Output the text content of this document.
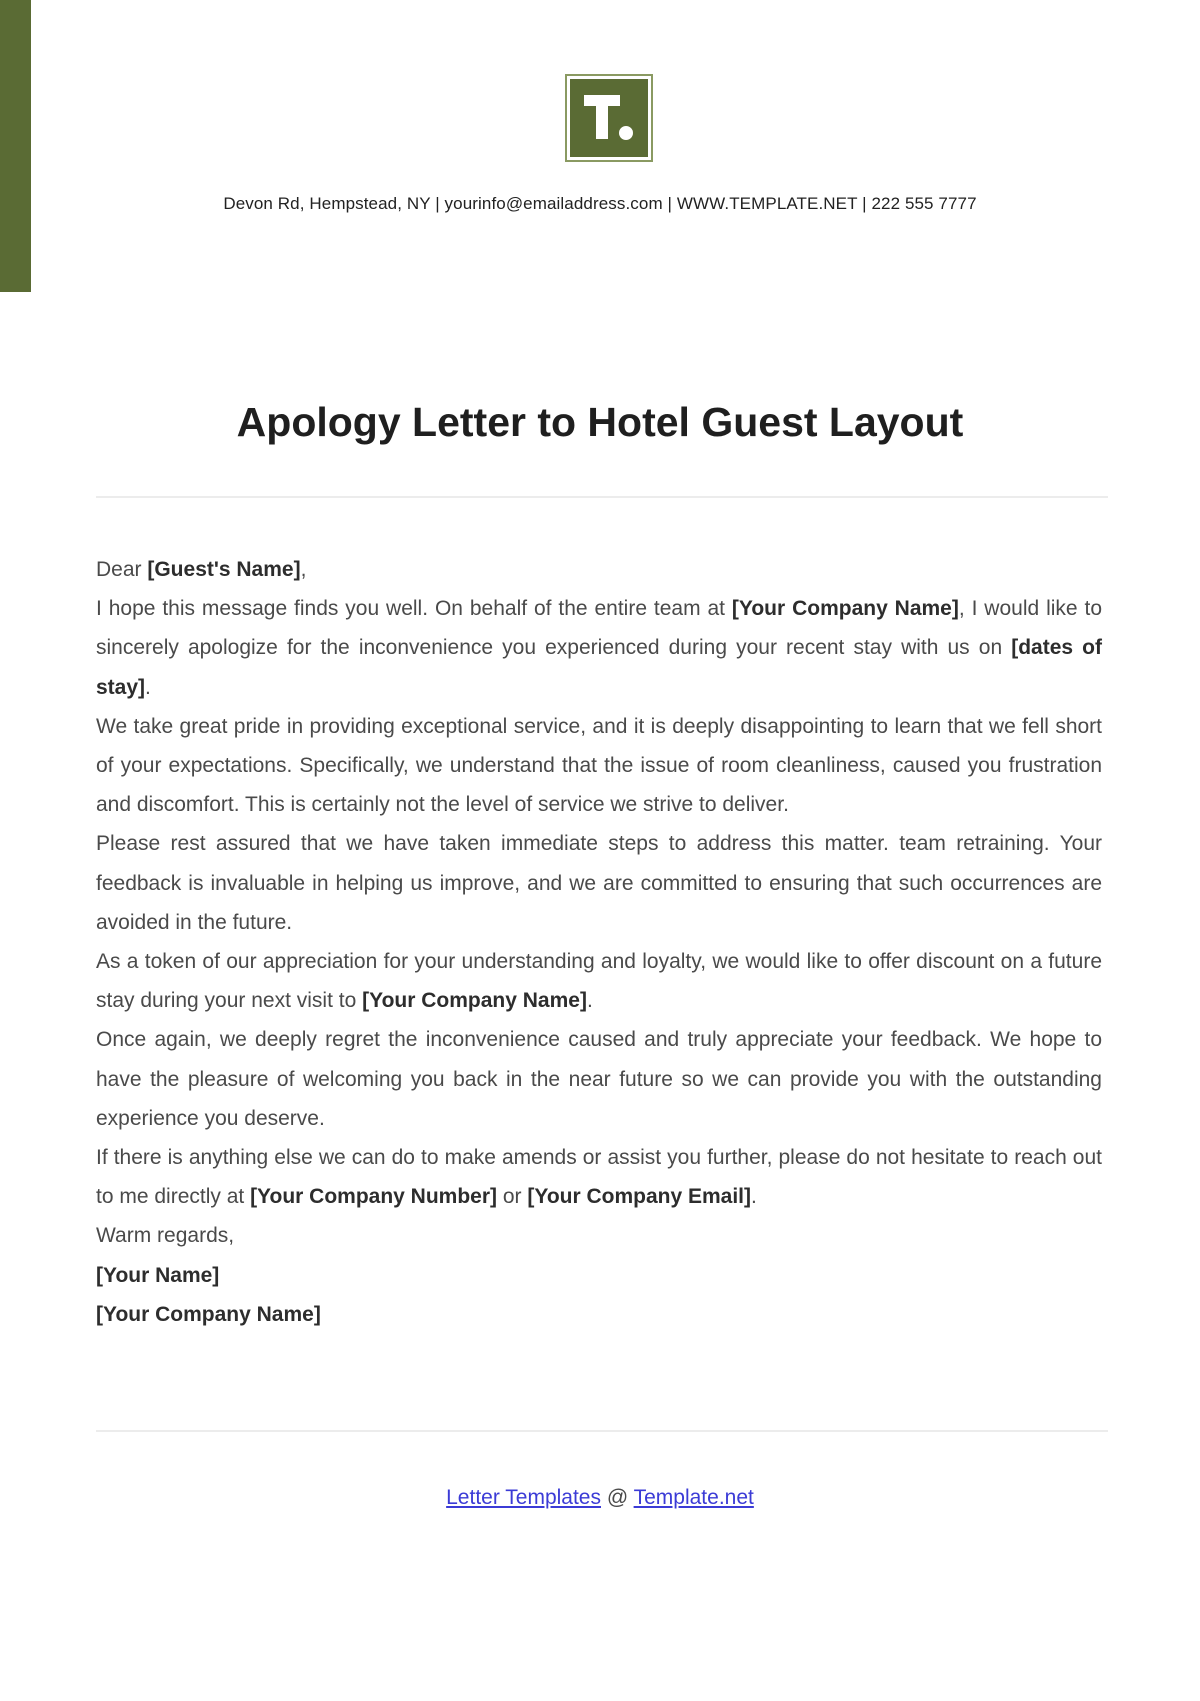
Devon Rd, Hempstead, NY | yourinfo@emailaddress.com | WWW.TEMPLATE.NET | 222 555 7777
Apology Letter to Hotel Guest Layout

Dear [Guest's Name],

I hope this message finds you well. On behalf of the entire team at [Your Company Name], I would like to sincerely apologize for the inconvenience you experienced during your recent stay with us on [dates of stay].

We take great pride in providing exceptional service, and it is deeply disappointing to learn that we fell short of your expectations. Specifically, we understand that the issue of room cleanliness, caused you frustration and discomfort. This is certainly not the level of service we strive to deliver.

Please rest assured that we have taken immediate steps to address this matter. team retraining. Your feedback is invaluable in helping us improve, and we are committed to ensuring that such occurrences are avoided in the future.

As a token of our appreciation for your understanding and loyalty, we would like to offer discount on a future stay during your next visit to [Your Company Name].

Once again, we deeply regret the inconvenience caused and truly appreciate your feedback. We hope to have the pleasure of welcoming you back in the near future so we can provide you with the outstanding experience you deserve.

If there is anything else we can do to make amends or assist you further, please do not hesitate to reach out to me directly at [Your Company Number] or [Your Company Email].

Warm regards,

[Your Name]

[Your Company Name]

Letter Templates @ Template.net
